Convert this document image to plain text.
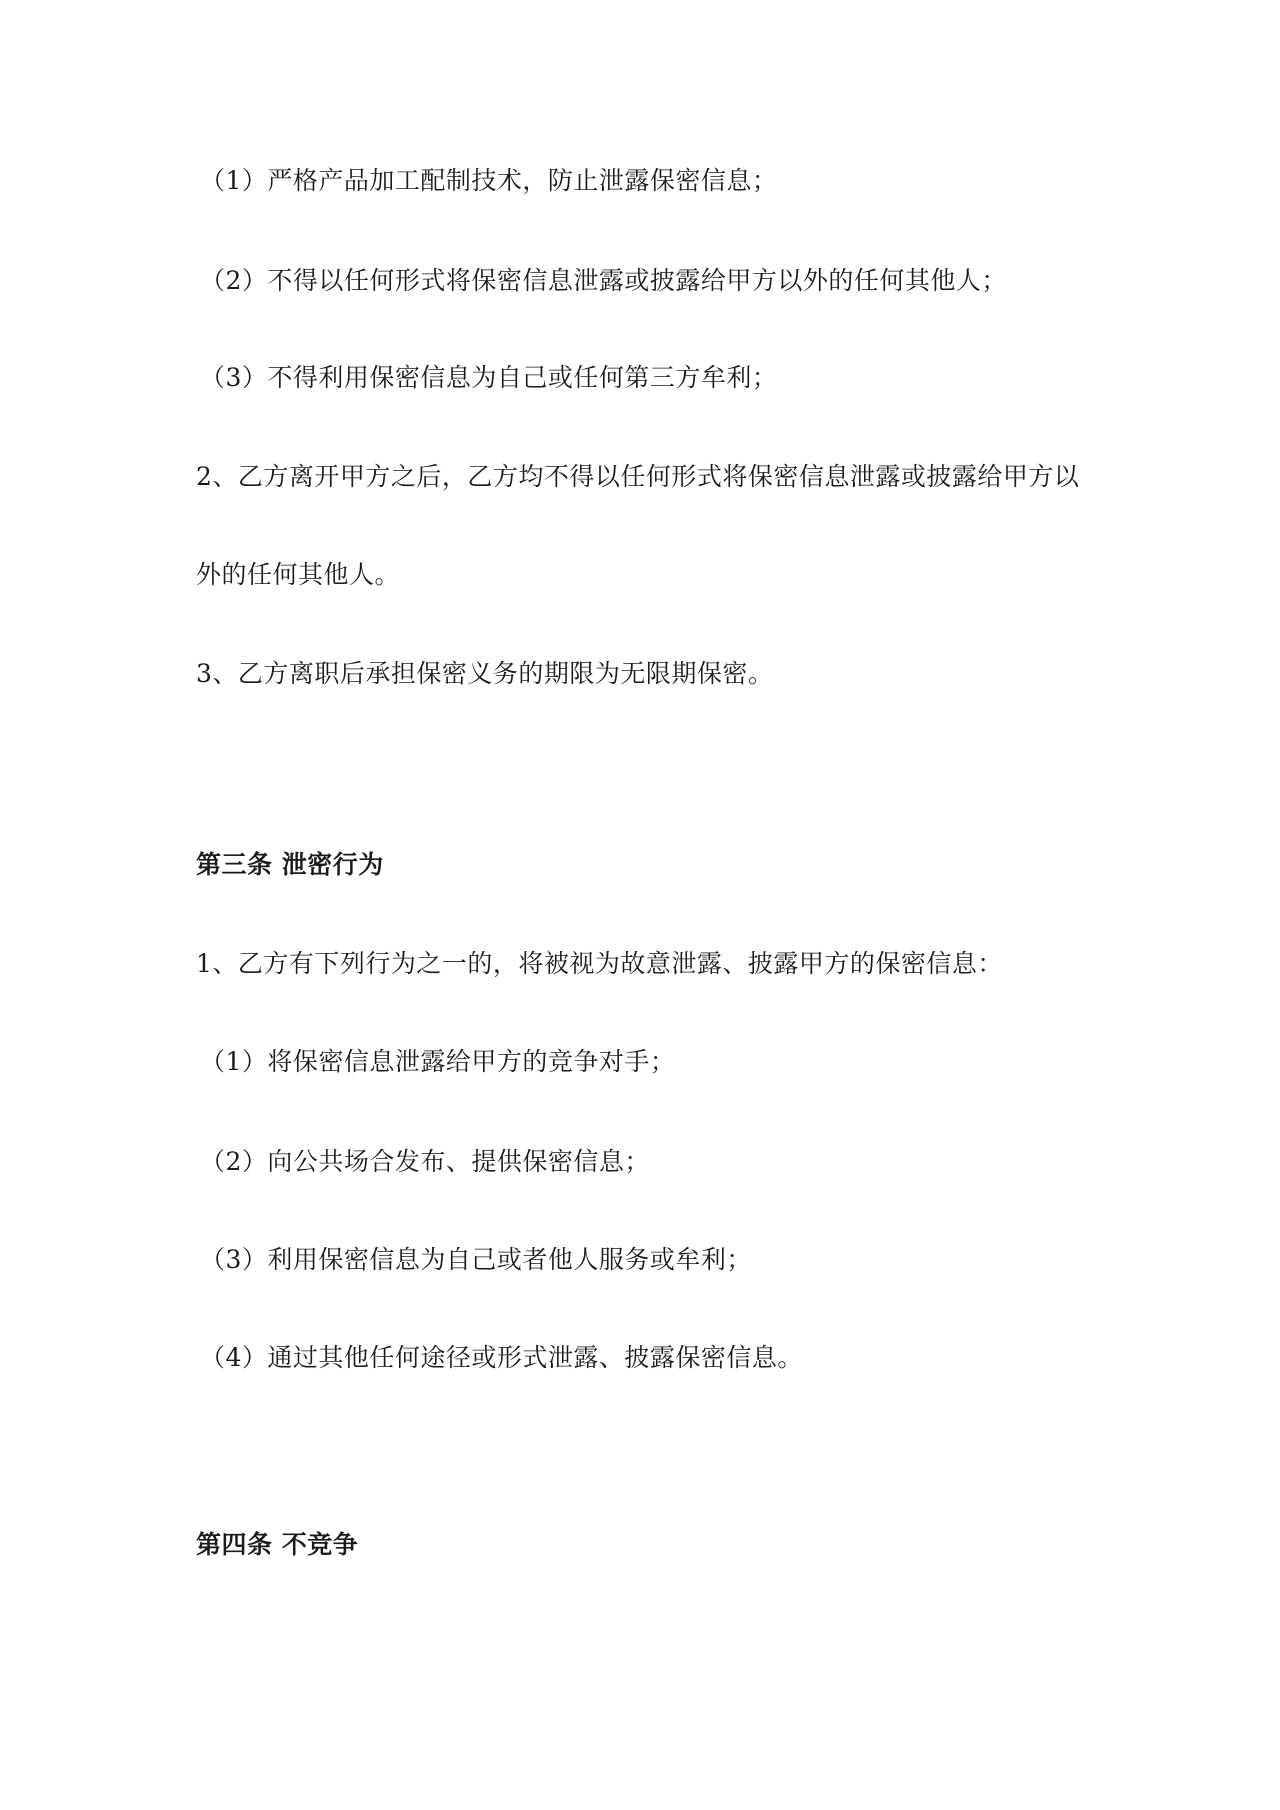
（1）严格产品加工配制技术，防止泄露保密信息；

（2）不得以任何形式将保密信息泄露或披露给甲方以外的任何其他人；

（3）不得利用保密信息为自己或任何第三方牟利；

2、乙方离开甲方之后，乙方均不得以任何形式将保密信息泄露或披露给甲方以

外的任何其他人。

3、乙方离职后承担保密义务的期限为无限期保密。

第三条 泄密行为

1、乙方有下列行为之一的，将被视为故意泄露、披露甲方的保密信息：

（1）将保密信息泄露给甲方的竞争对手；

（2）向公共场合发布、提供保密信息；

（3）利用保密信息为自己或者他人服务或牟利；

（4）通过其他任何途径或形式泄露、披露保密信息。

第四条 不竞争
